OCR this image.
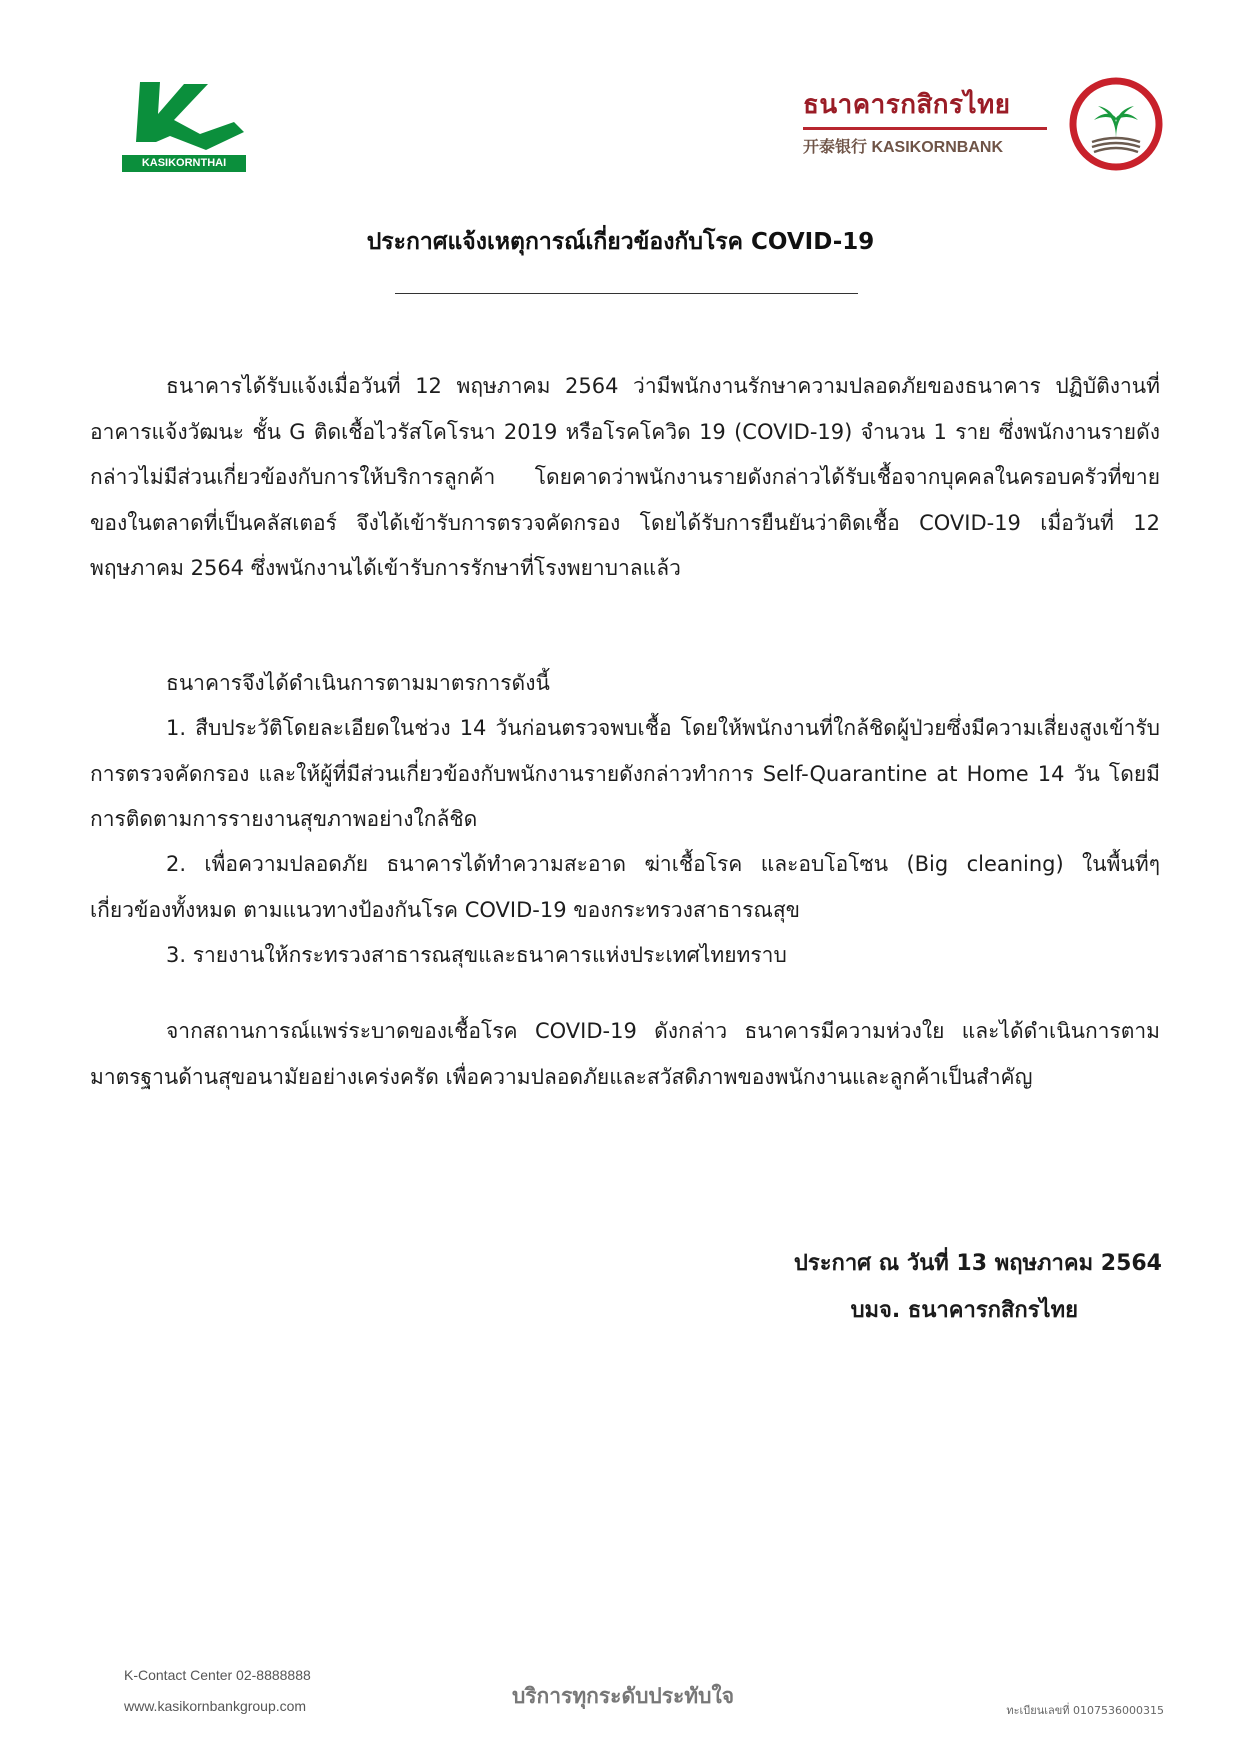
KASIKORNTHAI
ธนาคารกสิกรไทย
开泰银行 KASIKORNBANK
ประกาศแจ้งเหตุการณ์เกี่ยวข้องกับโรค COVID-19
ธนาคารได้รับแจ้งเมื่อวันที่ 12 พฤษภาคม 2564 ว่ามีพนักงานรักษาความปลอดภัยของธนาคาร ปฏิบัติงานที่อาคารแจ้งวัฒนะ ชั้น G ติดเชื้อไวรัสโคโรนา 2019 หรือโรคโควิด 19 (COVID-19) จำนวน 1 ราย ซึ่งพนักงานรายดังกล่าวไม่มีส่วนเกี่ยวข้องกับการให้บริการลูกค้า โดยคาดว่าพนักงานรายดังกล่าวได้รับเชื้อจากบุคคลในครอบครัวที่ขายของในตลาดที่เป็นคลัสเตอร์ จึงได้เข้ารับการตรวจคัดกรอง โดยได้รับการยืนยันว่าติดเชื้อ COVID-19 เมื่อวันที่ 12 พฤษภาคม 2564 ซึ่งพนักงานได้เข้ารับการรักษาที่โรงพยาบาลแล้ว
ธนาคารจึงได้ดำเนินการตามมาตรการดังนี้
1. สืบประวัติโดยละเอียดในช่วง 14 วันก่อนตรวจพบเชื้อ โดยให้พนักงานที่ใกล้ชิดผู้ป่วยซึ่งมีความเสี่ยงสูงเข้ารับการตรวจคัดกรอง และให้ผู้ที่มีส่วนเกี่ยวข้องกับพนักงานรายดังกล่าวทำการ Self-Quarantine at Home 14 วัน โดยมีการติดตามการรายงานสุขภาพอย่างใกล้ชิด
2. เพื่อความปลอดภัย ธนาคารได้ทำความสะอาด ฆ่าเชื้อโรค และอบโอโซน (Big cleaning) ในพื้นที่ๆ เกี่ยวข้องทั้งหมด ตามแนวทางป้องกันโรค COVID-19 ของกระทรวงสาธารณสุข
3. รายงานให้กระทรวงสาธารณสุขและธนาคารแห่งประเทศไทยทราบ
จากสถานการณ์แพร่ระบาดของเชื้อโรค COVID-19 ดังกล่าว ธนาคารมีความห่วงใย และได้ดำเนินการตามมาตรฐานด้านสุขอนามัยอย่างเคร่งครัด เพื่อความปลอดภัยและสวัสดิภาพของพนักงานและลูกค้าเป็นสำคัญ
ประกาศ ณ วันที่ 13 พฤษภาคม 2564
บมจ. ธนาคารกสิกรไทย
K-Contact Center 02-8888888
www.kasikornbankgroup.com	บริการทุกระดับประทับใจ
ทะเบียนเลขที่ 0107536000315
